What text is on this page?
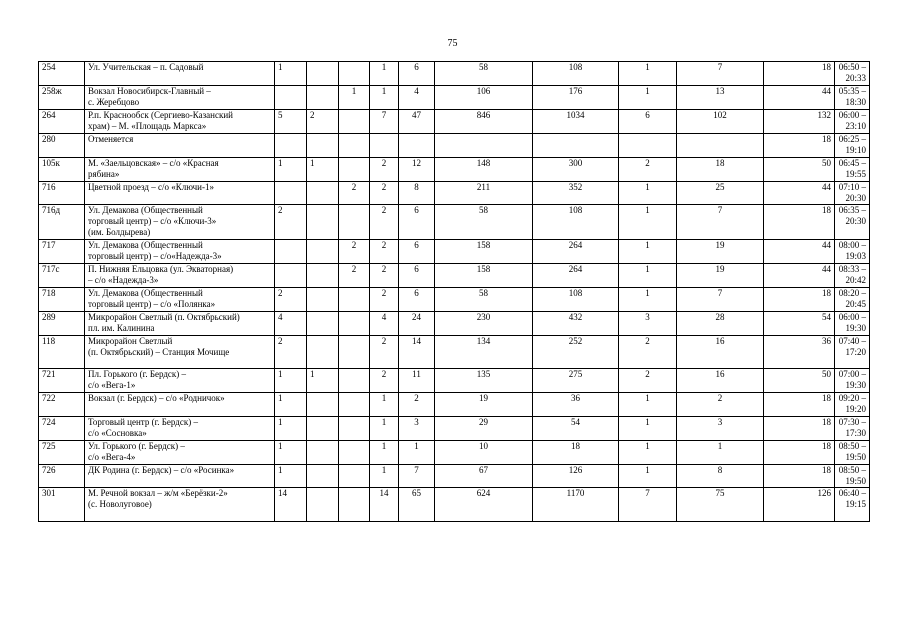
75
254	Ул. Учительская – п. Садовый	1			1	6	58	108	1	7	18	06:50 –
20:33
258ж	Вокзал Новосибирск-Главный –
с. Жеребцово			1	1	4	106	176	1	13	44	05:35 –
18:30
264	Р.п. Краснообск (Сергиево-Казанский
храм) – М. «Площадь Маркса»	5	2		7	47	846	1034	6	102	132	06:00 –
23:10
280	Отменяется										18	06:25 –
19:10
105к	М. «Заельцовская» – с/о «Красная
рябина»	1	1		2	12	148	300	2	18	50	06:45 –
19:55
716	Цветной проезд – с/о «Ключи-1»			2	2	8	211	352	1	25	44	07:10 –
20:30
716д	Ул. Демакова (Общественный
торговый центр) – с/о «Ключи-3»
(им. Болдырева)	2			2	6	58	108	1	7	18	06:35 –
20:30
717	Ул. Демакова (Общественный
торговый центр) – с/о«Надежда-3»			2	2	6	158	264	1	19	44	08:00 –
19:03
717с	П. Нижняя Ельцовка (ул. Экваторная)
– с/о «Надежда-3»			2	2	6	158	264	1	19	44	08:33 –
20:42
718	Ул. Демакова (Общественный
торговый центр) – с/о «Полянка»	2			2	6	58	108	1	7	18	08:20 –
20:45
289	Микрорайон Светлый (п. Октябрьский)
пл. им. Калинина	4			4	24	230	432	3	28	54	06:00 –
19:30
118	Микрорайон Светлый
(п. Октябрьский) – Станция Мочище	2			2	14	134	252	2	16	36	07:40 –
17:20
721	Пл. Горького (г. Бердск) –
с/о «Вега-1»	1	1		2	11	135	275	2	16	50	07:00 –
19:30
722	Вокзал (г. Бердск) – с/о «Родничок»	1			1	2	19	36	1	2	18	09:20 –
19:20
724	Торговый центр (г. Бердск) –
с/о «Сосновка»	1			1	3	29	54	1	3	18	07:30 –
17:30
725	Ул. Горького (г. Бердск) –
с/о «Вега-4»	1			1	1	10	18	1	1	18	08:50 –
19:50
726	ДК Родина (г. Бердск) – с/о «Росинка»	1			1	7	67	126	1	8	18	08:50 –
19:50
301	М. Речной вокзал – ж/м «Берёзки-2»
(с. Новолуговое)	14			14	65	624	1170	7	75	126	06:40 –
19:15
